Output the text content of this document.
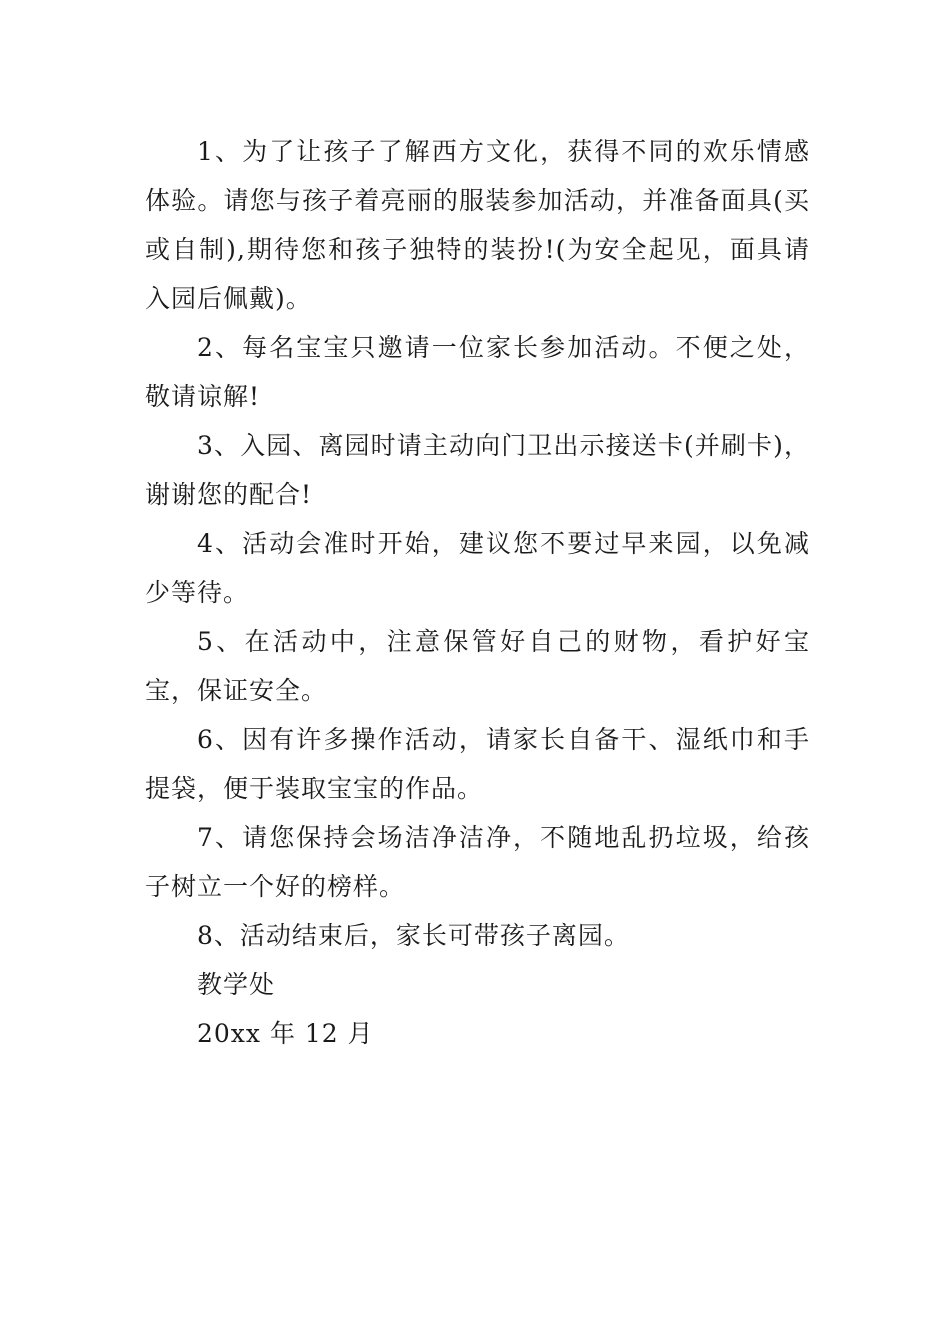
1、为了让孩子了解西方文化，获得不同的欢乐情感体验。请您与孩子着亮丽的服装参加活动，并准备面具(买或自制),期待您和孩子独特的装扮!(为安全起见，面具请入园后佩戴)。

2、每名宝宝只邀请一位家长参加活动。不便之处，敬请谅解!

3、入园、离园时请主动向门卫出示接送卡(并刷卡)，谢谢您的配合!

4、活动会准时开始，建议您不要过早来园，以免减少等待。

5、在活动中，注意保管好自己的财物，看护好宝宝，保证安全。

6、因有许多操作活动，请家长自备干、湿纸巾和手提袋，便于装取宝宝的作品。

7、请您保持会场洁净洁净，不随地乱扔垃圾，给孩子树立一个好的榜样。

8、活动结束后，家长可带孩子离园。

教学处

20xx 年 12 月
